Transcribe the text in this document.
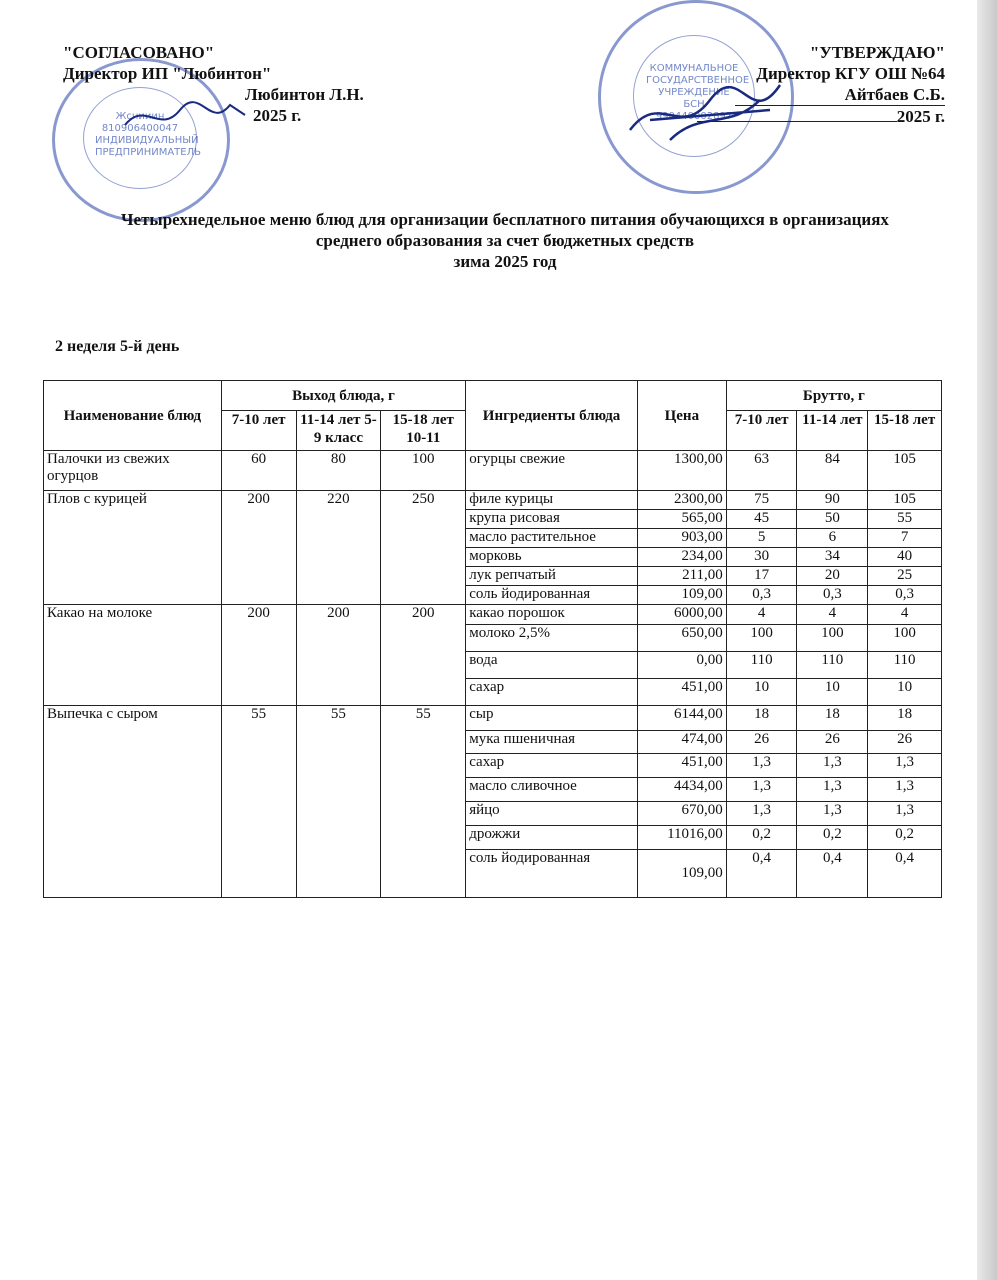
Жснииин 810906400047 ИНДИВИДУАЛЬНЫЙ ПРЕДПРИНИМАТЕЛЬ
КОММУНАЛЬНОЕ ГОСУДАРСТВЕННОЕ УЧРЕЖДЕНИЕ БСН 990440002897
"СОГЛАСОВАНО"
Директор ИП "Любинтон"
Любинтон Л.Н.
2025 г.
"УТВЕРЖДАЮ"
Директор КГУ ОШ №64
Айтбаев С.Б.
2025 г.
Четырехнедельное меню блюд для организации бесплатного питания обучающихся в организациях
среднего образования за счет бюджетных средств
зима 2025 год
2 неделя 5-й день
Наименование блюд	Выход блюда, г			Ингредиенты блюда	Цена	Брутто, г		
	7-10 лет	11-14 лет 5-9 класс	15-18 лет 10-11			7-10 лет	11-14 лет	15-18 лет
Палочки из свежих огурцов	60	80	100	огурцы свежие	1300,00	63	84	105
Плов с курицей	200	220	250	филе курицы	2300,00	75	90	105
				крупа рисовая	565,00	45	50	55
				масло растительное	903,00	5	6	7
				морковь	234,00	30	34	40
				лук репчатый	211,00	17	20	25
				соль йодированная	109,00	0,3	0,3	0,3
Какао на молоке	200	200	200	какао порошок	6000,00	4	4	4
				молоко 2,5%	650,00	100	100	100
				вода	0,00	110	110	110
				сахар	451,00	10	10	10
Выпечка с сыром	55	55	55	сыр	6144,00	18	18	18
				мука пшеничная	474,00	26	26	26
				сахар	451,00	1,3	1,3	1,3
				масло сливочное	4434,00	1,3	1,3	1,3
				яйцо	670,00	1,3	1,3	1,3
				дрожжи	11016,00	0,2	0,2	0,2
				соль йодированная	109,00	0,4	0,4	0,4
